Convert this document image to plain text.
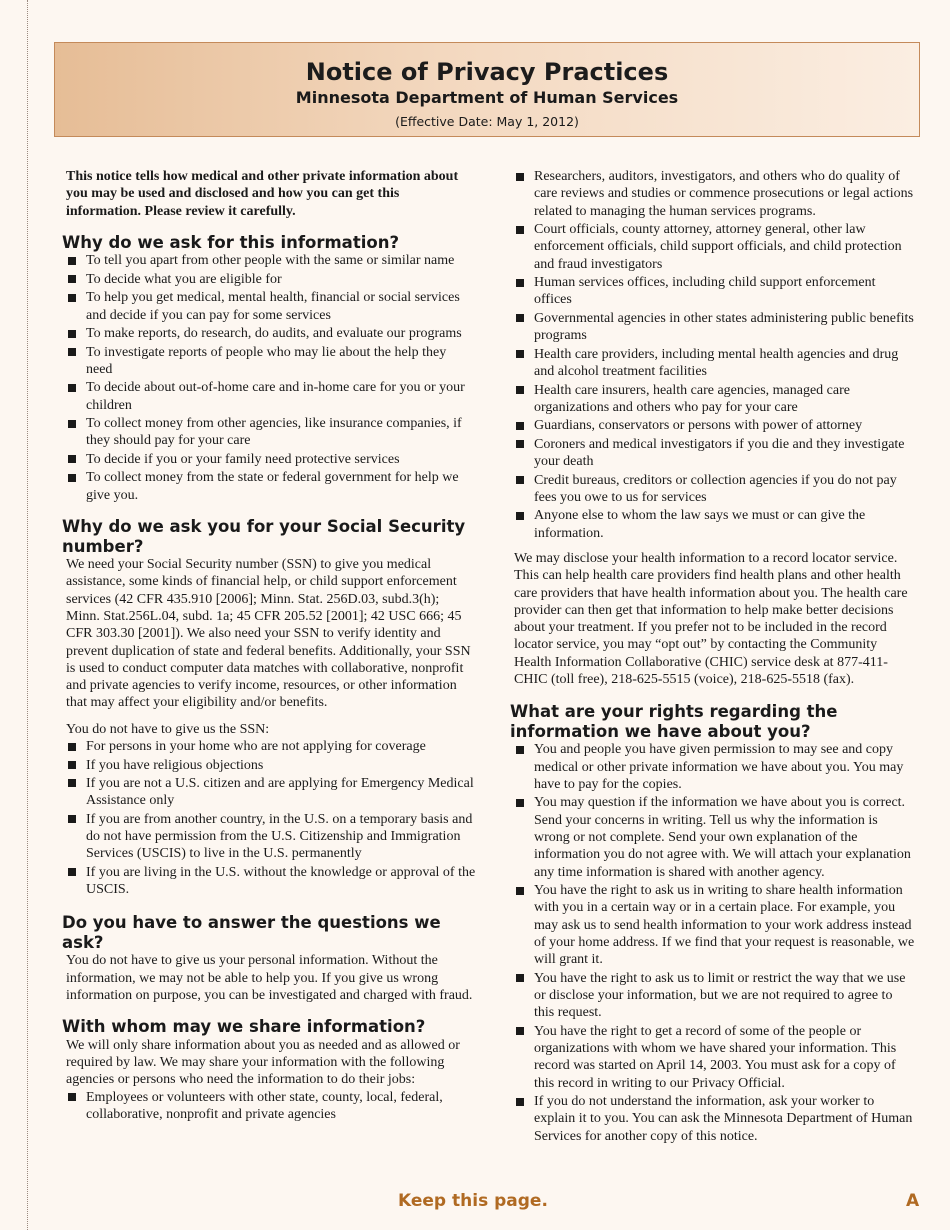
Notice of Privacy Practices
Minnesota Department of Human Services
(Effective Date: May 1, 2012)

This notice tells how medical and other private information about you may be used and disclosed and how you can get this information. Please review it carefully.

Why do we ask for this information?
To tell you apart from other people with the same or similar name
To decide what you are eligible for
To help you get medical, mental health, financial or social services and decide if you can pay for some services
To make reports, do research, do audits, and evaluate our programs
To investigate reports of people who may lie about the help they need
To decide about out-of-home care and in-home care for you or your children
To collect money from other agencies, like insurance companies, if they should pay for your care
To decide if you or your family need protective services
To collect money from the state or federal government for help we give you.
Why do we ask you for your Social Security number?

We need your Social Security number (SSN) to give you medical assistance, some kinds of financial help, or child support enforcement services (42 CFR 435.910 [2006]; Minn. Stat. 256D.03, subd.3(h); Minn. Stat.256L.04, subd. 1a; 45 CFR 205.52 [2001]; 42 USC 666; 45 CFR 303.30 [2001]). We also need your SSN to verify identity and prevent duplication of state and federal benefits. Additionally, your SSN is used to conduct computer data matches with collaborative, nonprofit and private agencies to verify income, resources, or other information that may affect your eligibility and/or benefits.

You do not have to give us the SSN:

For persons in your home who are not applying for coverage
If you have religious objections
If you are not a U.S. citizen and are applying for Emergency Medical Assistance only
If you are from another country, in the U.S. on a temporary basis and do not have permission from the U.S. Citizenship and Immigration Services (USCIS) to live in the U.S. permanently
If you are living in the U.S. without the knowledge or approval of the USCIS.
Do you have to answer the questions we ask?

You do not have to give us your personal information. Without the information, we may not be able to help you. If you give us wrong information on purpose, you can be investigated and charged with fraud.

With whom may we share information?

We will only share information about you as needed and as allowed or required by law. We may share your information with the following agencies or persons who need the information to do their jobs:

Employees or volunteers with other state, county, local, federal, collaborative, nonprofit and private agencies
Researchers, auditors, investigators, and others who do quality of care reviews and studies or commence prosecutions or legal actions related to managing the human services programs.
Court officials, county attorney, attorney general, other law enforcement officials, child support officials, and child protection and fraud investigators
Human services offices, including child support enforcement offices
Governmental agencies in other states administering public benefits programs
Health care providers, including mental health agencies and drug and alcohol treatment facilities
Health care insurers, health care agencies, managed care organizations and others who pay for your care
Guardians, conservators or persons with power of attorney
Coroners and medical investigators if you die and they investigate your death
Credit bureaus, creditors or collection agencies if you do not pay fees you owe to us for services
Anyone else to whom the law says we must or can give the information.

We may disclose your health information to a record locator service. This can help health care providers find health plans and other health care providers that have health information about you. The health care provider can then get that information to help make better decisions about your treatment. If you prefer not to be included in the record locator service, you may “opt out” by contacting the Community Health Information Collaborative (CHIC) service desk at 877-411-CHIC (toll free), 218-625-5515 (voice), 218-625-5518 (fax).

What are your rights regarding the information we have about you?
You and people you have given permission to may see and copy medical or other private information we have about you. You may have to pay for the copies.
You may question if the information we have about you is correct. Send your concerns in writing. Tell us why the information is wrong or not complete. Send your own explanation of the information you do not agree with. We will attach your explanation any time information is shared with another agency.
You have the right to ask us in writing to share health information with you in a certain way or in a certain place. For example, you may ask us to send health information to your work address instead of your home address. If we find that your request is reasonable, we will grant it.
You have the right to ask us to limit or restrict the way that we use or disclose your information, but we are not required to agree to this request.
You have the right to get a record of some of the people or organizations with whom we have shared your information. This record was started on April 14, 2003. You must ask for a copy of this record in writing to our Privacy Official.
If you do not understand the information, ask your worker to explain it to you. You can ask the Minnesota Department of Human Services for another copy of this notice.
Keep this page.	A
